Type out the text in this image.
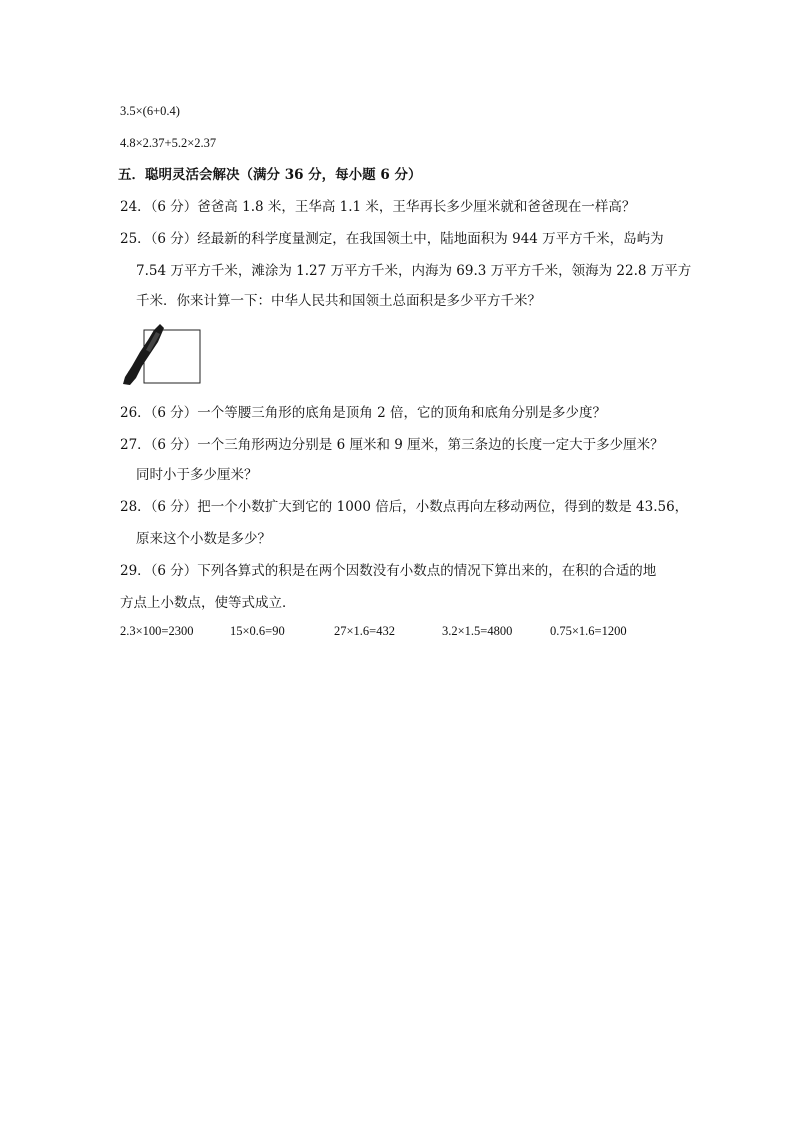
3.5×(6+0.4)
4.8×2.37+5.2×2.37
五．聪明灵活会解决（满分 36 分，每小题 6 分）
24．（6 分）爸爸高 1.8 米，王华高 1.1 米，王华再长多少厘米就和爸爸现在一样高？
25．（6 分）经最新的科学度量测定，在我国领土中，陆地面积为 944 万平方千米，岛屿为
7.54 万平方千米，滩涂为 1.27 万平方千米，内海为 69.3 万平方千米，领海为 22.8 万平方
千米．你来计算一下：中华人民共和国领土总面积是多少平方千米？
26．（6 分）一个等腰三角形的底角是顶角 2 倍，它的顶角和底角分别是多少度？
27．（6 分）一个三角形两边分别是 6 厘米和 9 厘米，第三条边的长度一定大于多少厘米？
同时小于多少厘米？
28．（6 分）把一个小数扩大到它的 1000 倍后，小数点再向左移动两位，得到的数是 43.56，
原来这个小数是多少？
29．（6 分）下列各算式的积是在两个因数没有小数点的情况下算出来的，在积的合适的地
方点上小数点，使等式成立．
2.3×100=2300	15×0.6=90	27×1.6=432	3.2×1.5=4800	0.75×1.6=1200
